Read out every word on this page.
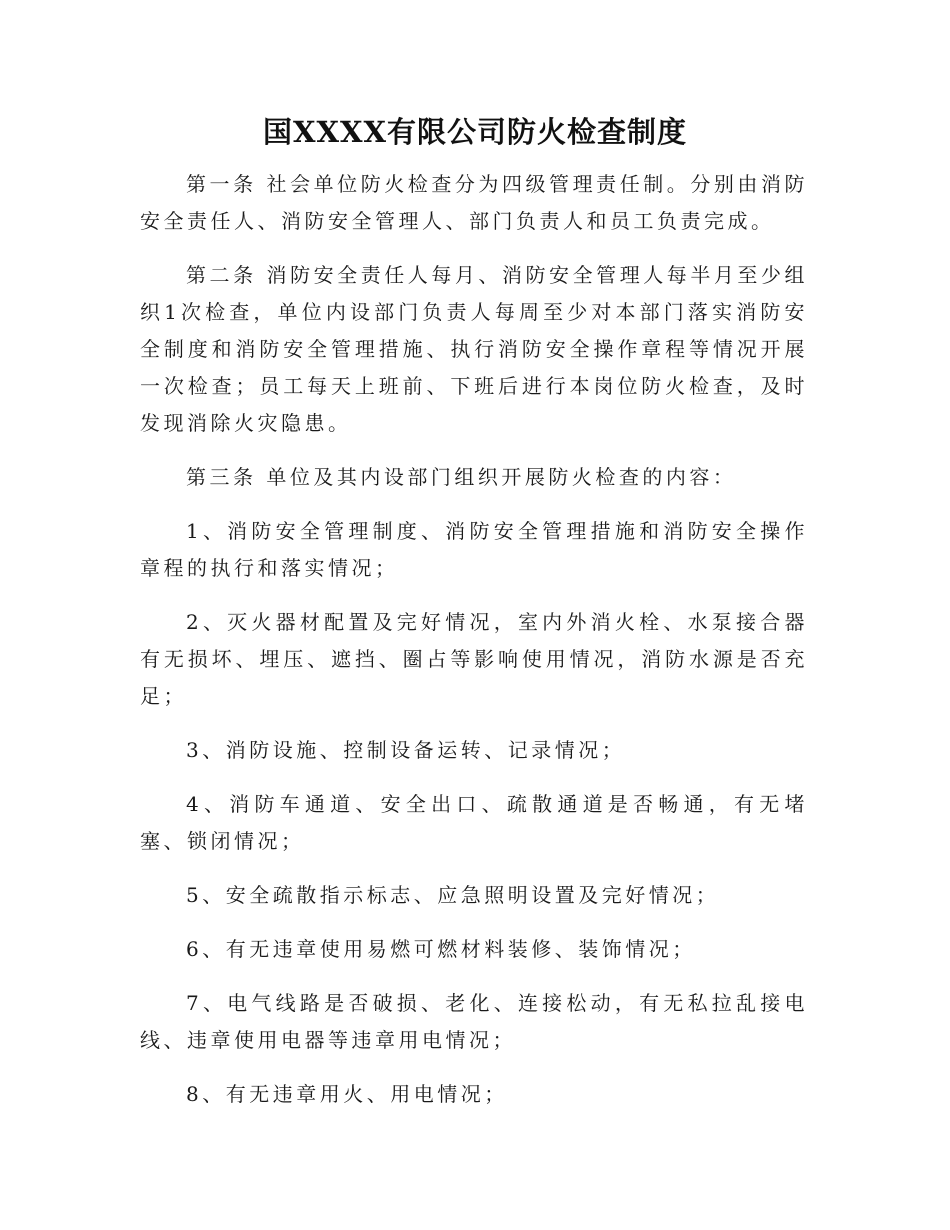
国XXXX有限公司防火检查制度

第一条 社会单位防火检查分为四级管理责任制。分别由消防安全责任人、消防安全管理人、部门负责人和员工负责完成。

第二条 消防安全责任人每月、消防安全管理人每半月至少组织1次检查，单位内设部门负责人每周至少对本部门落实消防安全制度和消防安全管理措施、执行消防安全操作章程等情况开展一次检查；员工每天上班前、下班后进行本岗位防火检查，及时发现消除火灾隐患。

第三条 单位及其内设部门组织开展防火检查的内容：

1、消防安全管理制度、消防安全管理措施和消防安全操作章程的执行和落实情况；

2、灭火器材配置及完好情况，室内外消火栓、水泵接合器有无损坏、埋压、遮挡、圈占等影响使用情况，消防水源是否充足；

3、消防设施、控制设备运转、记录情况；

4、消防车通道、安全出口、疏散通道是否畅通，有无堵塞、锁闭情况；

5、安全疏散指示标志、应急照明设置及完好情况；

6、有无违章使用易燃可燃材料装修、装饰情况；

7、电气线路是否破损、老化、连接松动，有无私拉乱接电线、违章使用电器等违章用电情况；

8、有无违章用火、用电情况；
